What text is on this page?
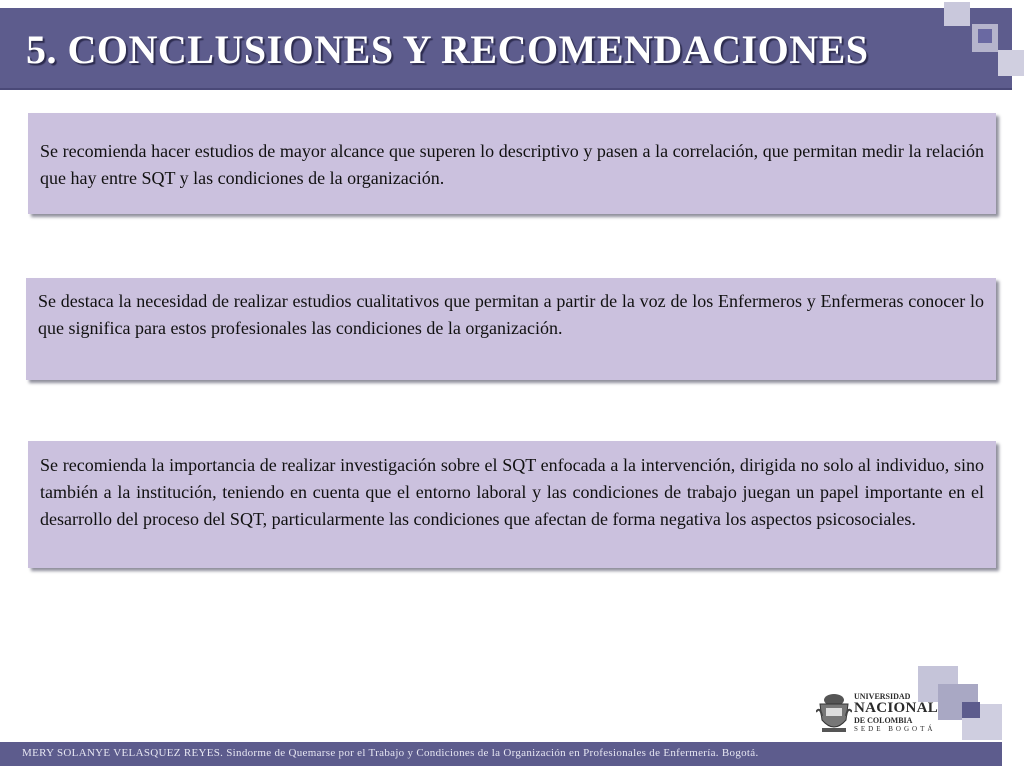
5. CONCLUSIONES Y RECOMENDACIONES

Se recomienda hacer estudios de mayor alcance que superen lo descriptivo y pasen a la correlación, que permitan medir la relación que hay entre SQT y las condiciones de la organización.

Se destaca la necesidad de realizar estudios cualitativos que permitan a partir de la voz de los Enfermeros y Enfermeras conocer lo que significa para estos profesionales las condiciones de la organización.

Se recomienda la importancia de realizar investigación sobre el SQT enfocada a la intervención, dirigida no solo al individuo, sino también a la institución, teniendo en cuenta que el entorno laboral y las condiciones de trabajo juegan un papel importante en el desarrollo del proceso del SQT, particularmente las condiciones que afectan de forma negativa los aspectos psicosociales.

UNIVERSIDAD
NACIONAL
DE COLOMBIA
SEDE BOGOTÁ

MERY SOLANYE VELASQUEZ REYES. Sindorme de Quemarse por el Trabajo y Condiciones de la Organización en Profesionales de Enfermería. Bogotá.
